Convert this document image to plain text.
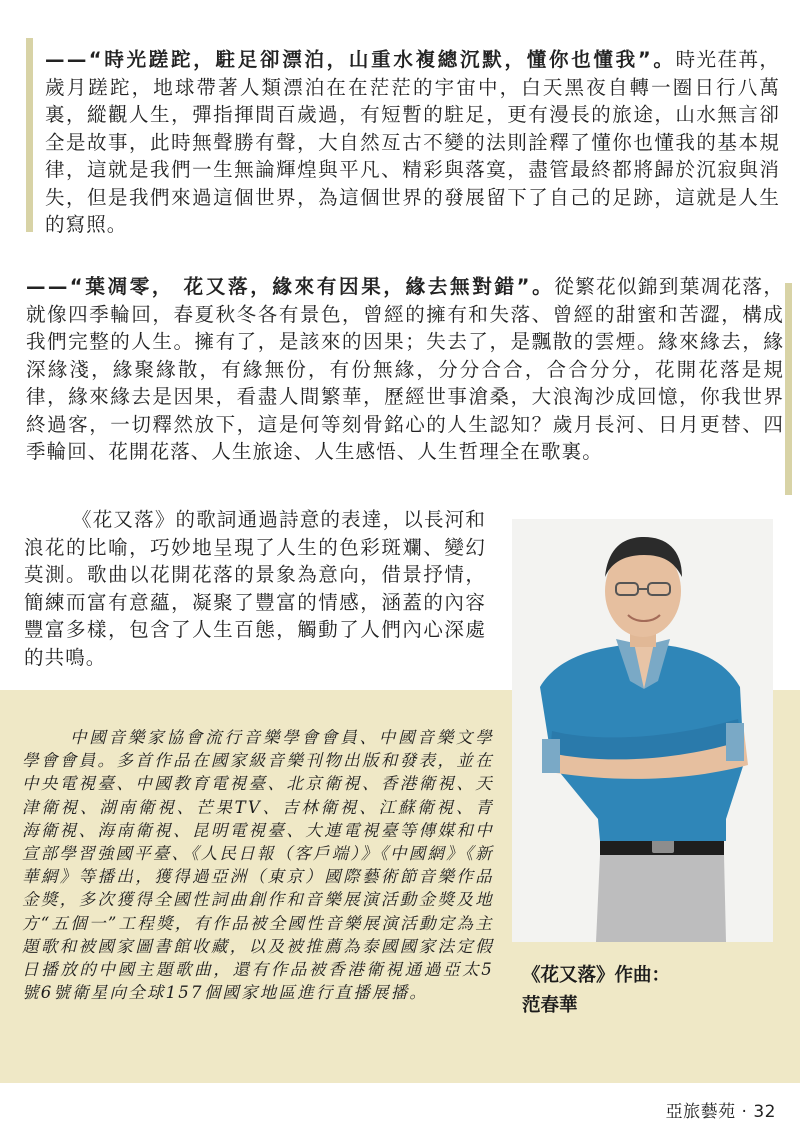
——“時光蹉跎，駐足卻漂泊，山重水複總沉默，懂你也懂我”。時光荏苒，歲月蹉跎，地球帶著人類漂泊在在茫茫的宇宙中，白天黑夜自轉一圈日行八萬裏，縱觀人生，彈指揮間百歲過，有短暫的駐足，更有漫長的旅途，山水無言卻全是故事，此時無聲勝有聲，大自然亙古不變的法則詮釋了懂你也懂我的基本規律，這就是我們一生無論輝煌與平凡、精彩與落寞，盡管最終都將歸於沉寂與消失，但是我們來過這個世界，為這個世界的發展留下了自己的足跡，這就是人生的寫照。

——“葉凋零， 花又落，緣來有因果，緣去無對錯”。從繁花似錦到葉凋花落，就像四季輪回，春夏秋冬各有景色，曾經的擁有和失落、曾經的甜蜜和苦澀，構成我們完整的人生。擁有了，是該來的因果；失去了，是飄散的雲煙。緣來緣去，緣深緣淺，緣聚緣散，有緣無份，有份無緣，分分合合，合合分分，花開花落是規律，緣來緣去是因果，看盡人間繁華，歷經世事滄桑，大浪淘沙成回憶，你我世界終過客，一切釋然放下，這是何等刻骨銘心的人生認知？歲月長河、日月更替、四季輪回、花開花落、人生旅途、人生感悟、人生哲理全在歌裏。

《花又落》的歌詞通過詩意的表達，以長河和浪花的比喻，巧妙地呈現了人生的色彩斑斕、變幻莫測。歌曲以花開花落的景象為意向，借景抒情，簡練而富有意蘊，凝聚了豐富的情感，涵蓋的內容豐富多樣，包含了人生百態，觸動了人們內心深處的共鳴。

中國音樂家協會流行音樂學會會員、中國音樂文學學會會員。多首作品在國家級音樂刊物出版和發表，並在中央電視臺、中國教育電視臺、北京衛視、香港衛視、天津衛視、湖南衛視、芒果TV、吉林衛視、江蘇衛視、青海衛視、海南衛視、昆明電視臺、大連電視臺等傳媒和中宣部學習強國平臺、《人民日報（客戶端）》《中國網》《新華網》等播出，獲得過亞洲（東京）國際藝術節音樂作品金獎，多次獲得全國性詞曲創作和音樂展演活動金獎及地方“五個一”工程獎，有作品被全國性音樂展演活動定為主題歌和被國家圖書館收藏，以及被推薦為泰國國家法定假日播放的中國主題歌曲，還有作品被香港衛視通過亞太5號6號衛星向全球157個國家地區進行直播展播。

《花又落》作曲：
范春華

亞旅藝苑 · 32
